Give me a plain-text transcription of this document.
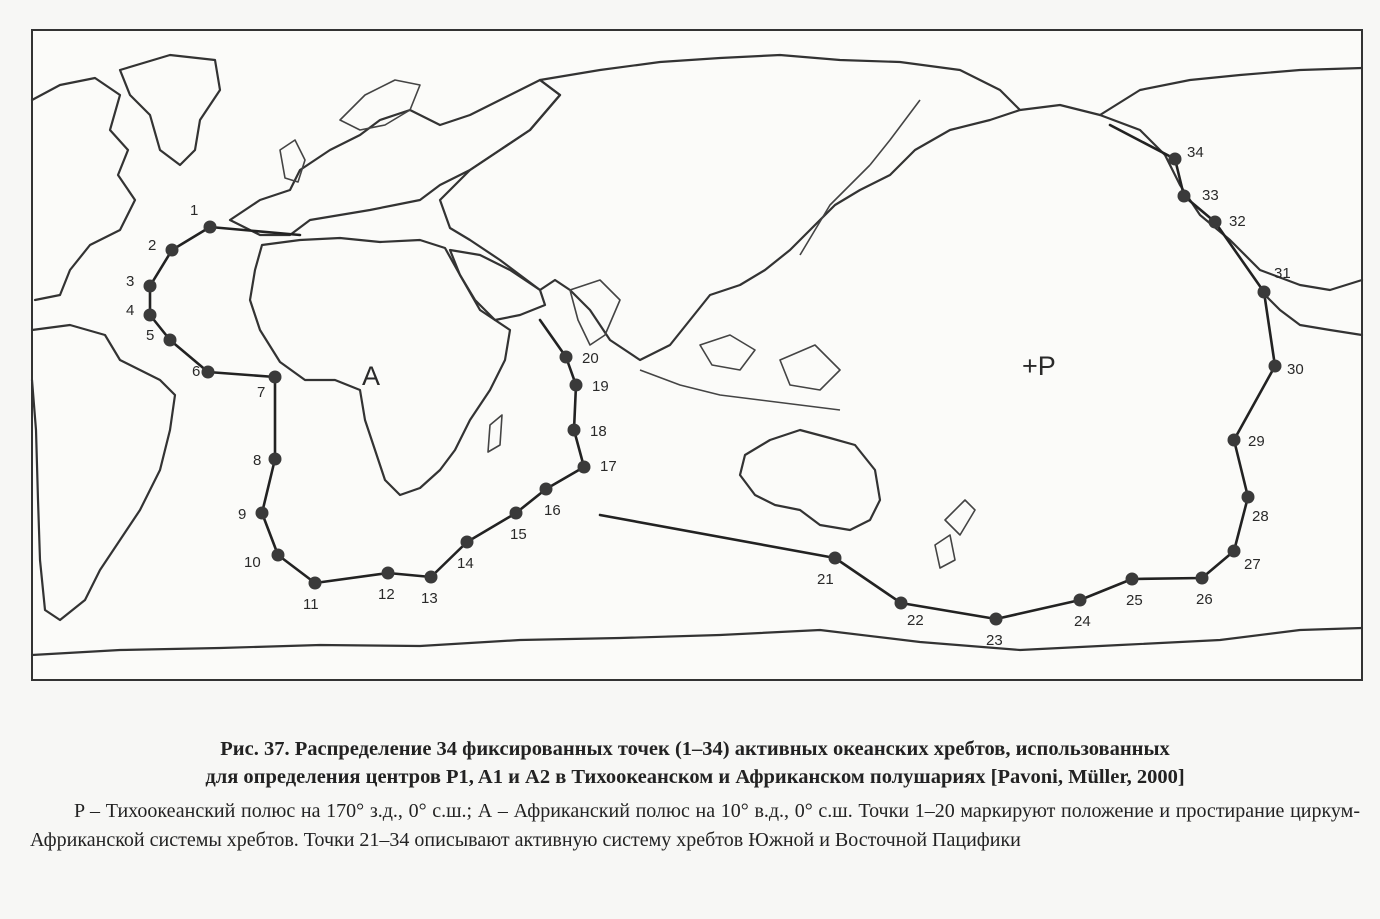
1
2
3
4
5
6
7
8
9
10
11
12 13
14
15
16
17
18
19
20
21
22
23
24
25	26
27
28
29
30
31
32
33
34
A	+P

Рис. 37. Распределение 34 фиксированных точек (1–34) активных океанских хребтов, использованных

для определения центров P1, A1 и A2 в Тихоокеанском и Африканском полушариях [Pavoni, Müller, 2000]

P – Тихоокеанский полюс на 170° з.д., 0° с.ш.; А – Африканский полюс на 10° в.д., 0° с.ш. Точки 1–20 маркируют положение и простирание циркум-Африканской системы хребтов. Точки 21–34 описывают активную систему хребтов Южной и Восточной Пацифики
